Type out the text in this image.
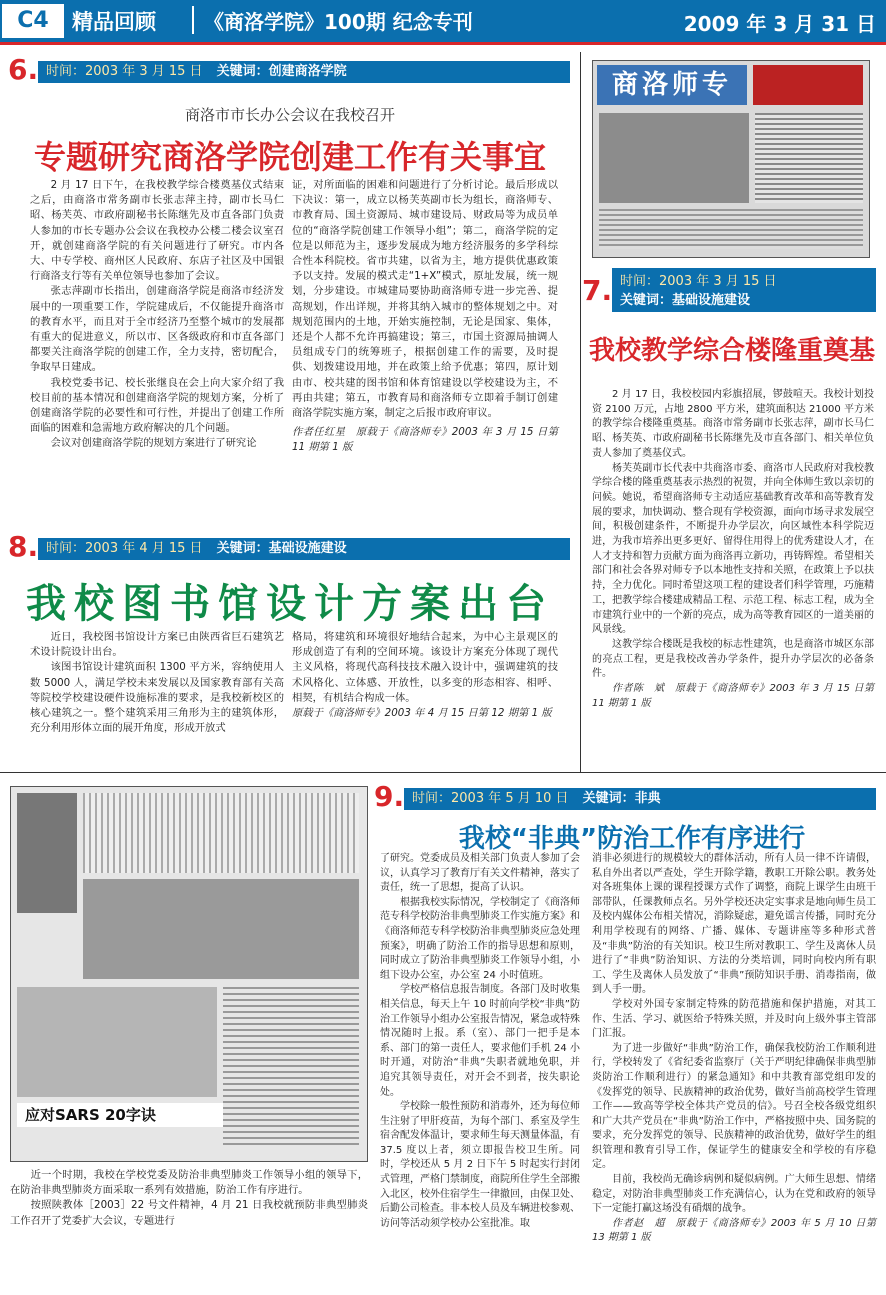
C4	精品回顾 《商洛学院》100期 纪念专刊	2009 年 3 月 31 日
6. 时间：2003 年 3 月 15 日 关键词：创建商洛学院
商洛市市长办公会议在我校召开
专题研究商洛学院创建工作有关事宜

2 月 17 日下午，在我校教学综合楼奠基仪式结束之后，由商洛市常务副市长张志萍主持，副市长马仁昭、杨芙英、市政府副秘书长陈继先及市直各部门负责人参加的市长专题办公会议在我校办公楼二楼会议室召开，就创建商洛学院的有关问题进行了研究。市内各大、中专学校、商州区人民政府、东店子社区及中国银行商洛支行等有关单位领导也参加了会议。

张志萍副市长指出，创建商洛学院是商洛市经济发展中的一项重要工作，学院建成后，不仅能提升商洛市的教育水平，而且对于全市经济乃至整个城市的发展都有重大的促进意义，所以市、区各级政府和市直各部门都要关注商洛学院的创建工作，全力支持，密切配合，争取早日建成。

我校党委书记、校长张继良在会上向大家介绍了我校目前的基本情况和创建商洛学院的规划方案，分析了创建商洛学院的必要性和可行性，并提出了创建工作所面临的困难和急需地方政府解决的几个问题。

会议对创建商洛学院的规划方案进行了研究论

证，对所面临的困难和问题进行了分析讨论。最后形成以下决议：第一，成立以杨芙英副市长为组长，商洛师专、市教育局、国土资源局、城市建设局、财政局等为成员单位的“商洛学院创建工作领导小组”；第二，商洛学院的定位是以师范为主，逐步发展成为地方经济服务的多学科综合性本科院校。省市共建，以省为主，地方提供优惠政策予以支持。发展的模式走“1+X”模式，原址发展，统一规划，分步建设。市城建局要协助商洛师专进一步完善、提高规划，作出详规，并将其纳入城市的整体规划之中。对规划范围内的土地，开始实施控制，无论是国家、集体，还是个人都不允许再搞建设；第三，市国土资源局抽调人员组成专门的统筹班子，根据创建工作的需要，及时提供、划拨建设用地，并在政策上给予优惠；第四，原计划由市、校共建的图书馆和体育馆建设以学校建设为主，不再由共建；第五，市教育局和商洛师专立即着手制订创建商洛学院实施方案，制定之后报市政府审议。

作者任红星　原载于《商洛师专》2003 年 3 月 15 日第 11 期第 1 版

商洛师专
7. 时间：2003 年 3 月 15 日
关键词：基础设施建设
我校教学综合楼隆重奠基

2 月 17 日，我校校园内彩旗招展，锣鼓喧天。我校计划投资 2100 万元，占地 2800 平方米，建筑面积达 21000 平方米的教学综合楼隆重奠基。商洛市常务副市长张志萍，副市长马仁昭、杨芙英、市政府副秘书长陈继先及市直各部门、相关单位负责人参加了奠基仪式。

杨芙英副市长代表中共商洛市委、商洛市人民政府对我校教学综合楼的隆重奠基表示热烈的祝贺，并向全体师生致以亲切的问候。她说，希望商洛师专主动适应基础教育改革和高等教育发展的要求，加快调动、整合现有学校资源，面向市场寻求发展空间，积极创建条件，不断提升办学层次，向区域性本科学院迈进，为我市培养出更多更好、留得住用得上的优秀建设人才，在人才支持和智力贡献方面为商洛再立新功，再铸辉煌。希望相关部门和社会各界对师专予以本地性支持和关照，在政策上予以扶持，全力优化。同时希望这项工程的建设者们科学管理，巧施精工，把教学综合楼建成精品工程、示范工程、标志工程，成为全市建筑行业中的一个新的亮点，成为高等教育园区的一道美丽的风景线。

这教学综合楼既是我校的标志性建筑，也是商洛市城区东部的亮点工程，更是我校改善办学条件，提升办学层次的必备条件。

作者陈　斌　原载于《商洛师专》2003 年 3 月 15 日第 11 期第 1 版

8. 时间：2003 年 4 月 15 日 关键词：基础设施建设
我校图书馆设计方案出台

近日，我校图书馆设计方案已由陕西省巨石建筑艺术设计院设计出台。

该图书馆设计建筑面积 1300 平方米，容纳使用人数 5000 人，满足学校未来发展以及国家教育部有关高等院校学校建设硬件设施标准的要求，是我校新校区的核心建筑之一。整个建筑采用三角形为主的建筑体形，充分利用形体立面的展开角度，形成开放式

格局，将建筑和环境很好地结合起来，为中心主景观区的形成创造了有利的空间环境。该设计方案充分体现了现代主义风格，将现代高科技技术融入设计中，强调建筑的技术风格化、立体感、开放性，以多变的形态相容、相呼、相契，有机结合构成一体。

原载于《商洛师专》2003 年 4 月 15 日第 12 期第 1 版

应对SARS 20字诀

近一个时期，我校在学校党委及防治非典型肺炎工作领导小组的领导下，在防治非典型肺炎方面采取一系列有效措施，防治工作有序进行。

按照陕教体［2003］22 号文件精神，4 月 21 日我校就预防非典型肺炎工作召开了党委扩大会议，专题进行

9. 时间：2003 年 5 月 10 日 关键词：非典
我校“非典”防治工作有序进行

了研究。党委成员及相关部门负责人参加了会议，认真学习了教育厅有关文件精神，落实了责任，统一了思想，提高了认识。

根据我校实际情况，学校制定了《商洛师范专科学校防治非典型肺炎工作实施方案》和《商洛师范专科学校防治非典型肺炎应急处理预案》，明确了防治工作的指导思想和原则，同时成立了防治非典型肺炎工作领导小组，小组下设办公室，办公室 24 小时值班。

学校严格信息报告制度。各部门及时收集相关信息，每天上午 10 时前向学校“非典”防治工作领导小组办公室报告情况，紧急或特殊情况随时上报。系（室）、部门一把手是本系、部门的第一责任人，要求他们手机 24 小时开通，对防治“非典”失职者就地免职，并追究其领导责任，对开会不到者，按失职论处。

学校除一般性预防和消毒外，还为每位师生注射了甲肝疫苗，为每个部门、系室及学生宿舍配发体温计，要求师生每天测量体温，有 37.5 度以上者，须立即报告校卫生所。同时，学校还从 5 月 2 日下午 5 时起实行封闭式管理，严格门禁制度，商院所住学生全部搬入北区，校外住宿学生一律撤回，由保卫处、后勤公司检查。非本校人员及车辆进校参观、访问等活动须学校办公室批准。取

消非必须进行的规模较大的群体活动，所有人员一律不许请假，私自外出者以严查处，学生开除学籍，教职工开除公职。教务处对各班集体上课的课程授课方式作了调整，商院上课学生由班干部带队，任课教师点名。另外学校还决定实事求是地向师生员工及校内媒体公布相关情况，消除疑虑，避免谣言传播，同时充分利用学校现有的网络、广播、媒体、专题讲座等多种形式普及“非典”防治的有关知识。校卫生所对教职工、学生及离休人员进行了“非典”防治知识、方法的分类培训，同时向校内所有职工、学生及离休人员发放了“非典”预防知识手册、消毒指南，做到人手一册。

学校对外国专家制定特殊的防范措施和保护措施，对其工作、生活、学习、就医给予特殊关照，并及时向上级外事主管部门汇报。

为了进一步做好“非典”防治工作，确保我校防治工作顺利进行，学校转发了《省纪委省监察厅（关于严明纪律确保非典型肺炎防治工作顺利进行）的紧急通知》和中共教育部党组印发的《发挥党的领导、民族精神的政治优势，做好当前高校学生管理工作——致高等学校全体共产党员的信》。号召全校各级党组织和广大共产党员在“非典”防治工作中，严格按照中央、国务院的要求，充分发挥党的领导、民族精神的政治优势，做好学生的组织管理和教育引导工作，保证学生的健康安全和学校的有序稳定。

目前，我校尚无确诊病例和疑似病例。广大师生思想、情绪稳定，对防治非典型肺炎工作充满信心，认为在党和政府的领导下一定能打赢这场没有硝烟的战争。

作者赵　超　原载于《商洛师专》2003 年 5 月 10 日第 13 期第 1 版
